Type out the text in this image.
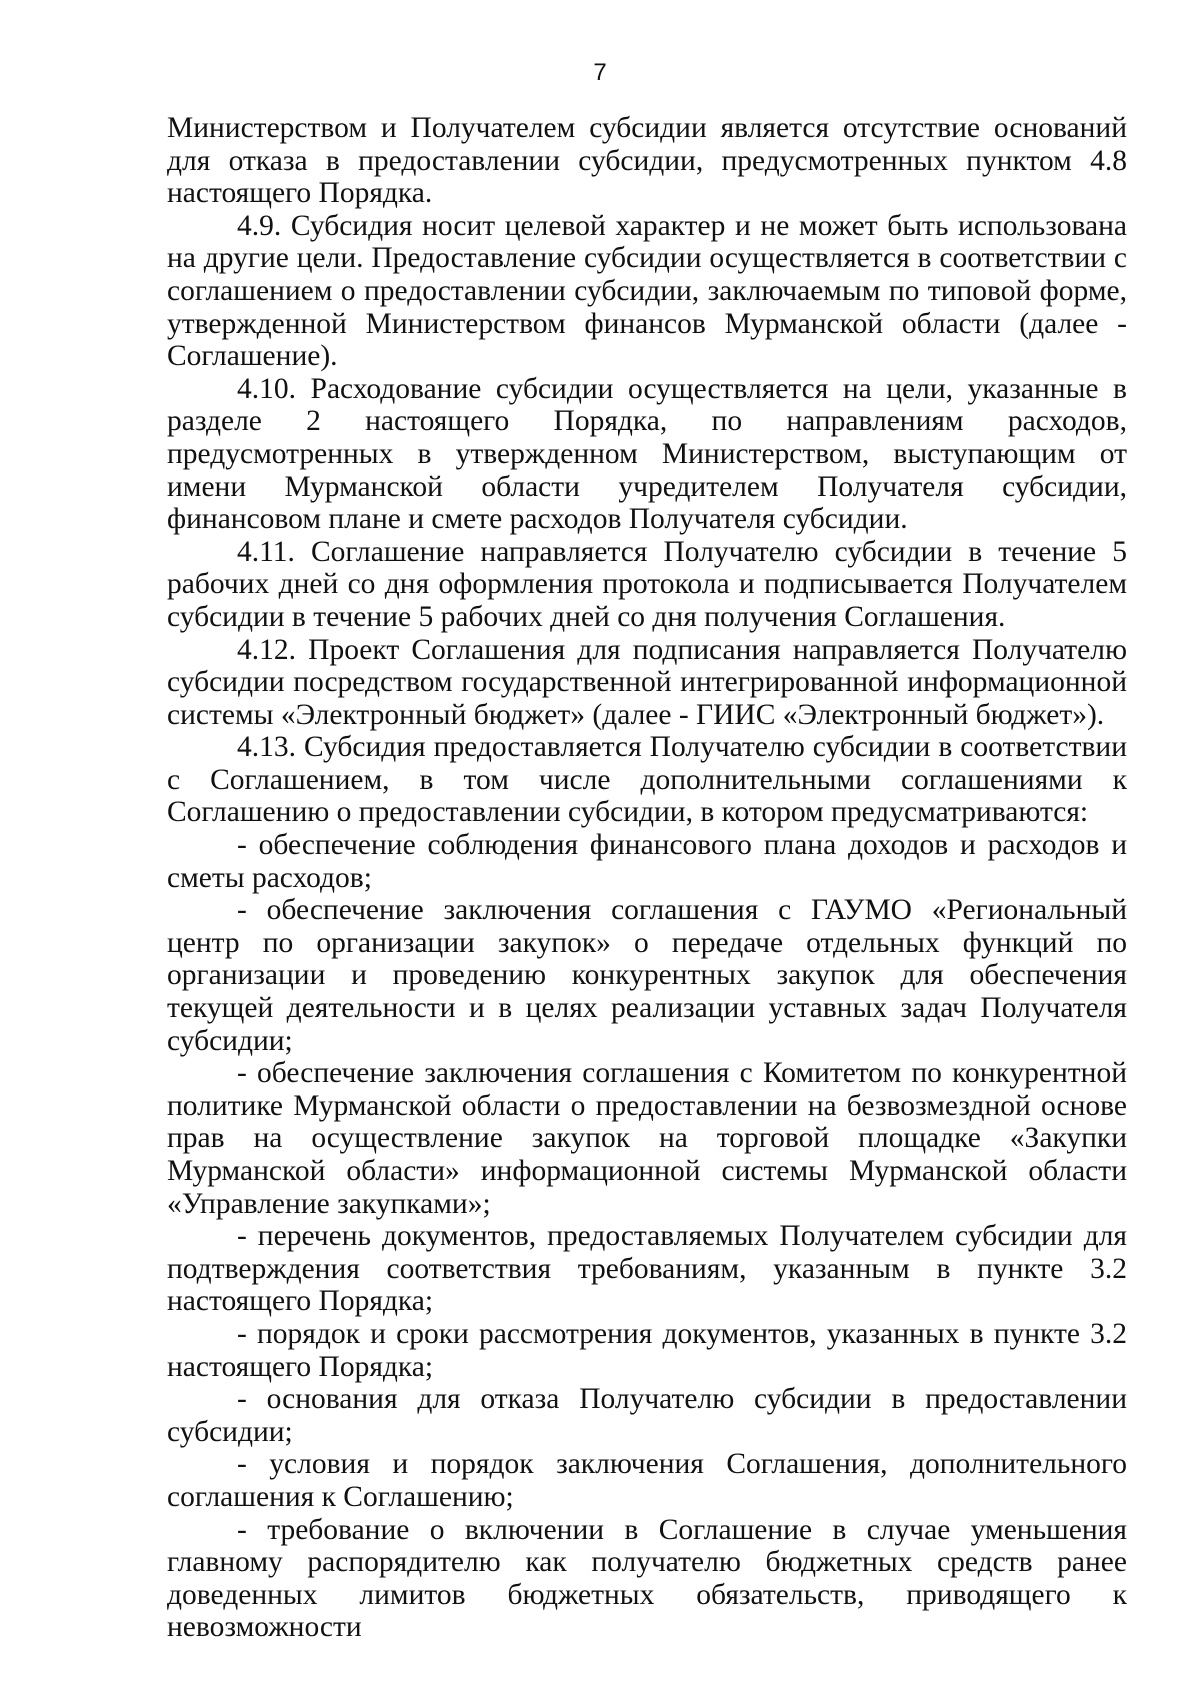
7

Министерством и Получателем субсидии является отсутствие оснований для отказа в предоставлении субсидии, предусмотренных пунктом 4.8 настоящего Порядка.

4.9. Субсидия носит целевой характер и не может быть использована на другие цели. Предоставление субсидии осуществляется в соответствии с соглашением о предоставлении субсидии, заключаемым по типовой форме, утвержденной Министерством финансов Мурманской области (далее - Соглашение).

4.10. Расходование субсидии осуществляется на цели, указанные в разделе 2 настоящего Порядка, по направлениям расходов, предусмотренных в утвержденном Министерством, выступающим от имени Мурманской области учредителем Получателя субсидии, финансовом плане и смете расходов Получателя субсидии.

4.11. Соглашение направляется Получателю субсидии в течение 5 рабочих дней со дня оформления протокола и подписывается Получателем субсидии в течение 5 рабочих дней со дня получения Соглашения.

4.12. Проект Соглашения для подписания направляется Получателю субсидии посредством государственной интегрированной информационной системы «Электронный бюджет» (далее - ГИИС «Электронный бюджет»).

4.13. Субсидия предоставляется Получателю субсидии в соответствии с Соглашением, в том числе дополнительными соглашениями к Соглашению о предоставлении субсидии, в котором предусматриваются:

- обеспечение соблюдения финансового плана доходов и расходов и сметы расходов;

- обеспечение заключения соглашения с ГАУМО «Региональный центр по организации закупок» о передаче отдельных функций по организации и проведению конкурентных закупок для обеспечения текущей деятельности и в целях реализации уставных задач Получателя субсидии;

- обеспечение заключения соглашения с Комитетом по конкурентной политике Мурманской области о предоставлении на безвозмездной основе прав на осуществление закупок на торговой площадке «Закупки Мурманской области» информационной системы Мурманской области «Управление закупками»;

- перечень документов, предоставляемых Получателем субсидии для подтверждения соответствия требованиям, указанным в пункте 3.2 настоящего Порядка;

- порядок и сроки рассмотрения документов, указанных в пункте 3.2 настоящего Порядка;

- основания для отказа Получателю субсидии в предоставлении субсидии;

- условия и порядок заключения Соглашения, дополнительного соглашения к Соглашению;

- требование о включении в Соглашение в случае уменьшения главному распорядителю как получателю бюджетных средств ранее доведенных лимитов бюджетных обязательств, приводящего к невозможности
